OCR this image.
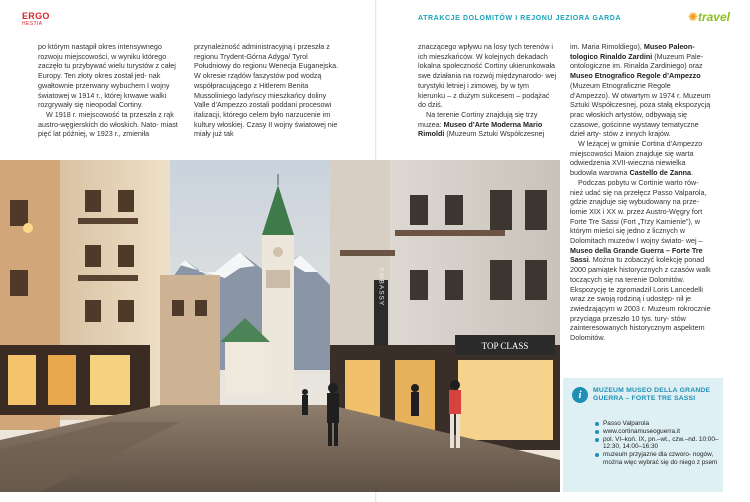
ERGO
HESTIA
ATRAKCJE DOLOMITÓW I REJONU JEZIORA GARDA	✺travel

po którym nastąpił okres intensywnego rozwoju miejscowości, w wyniku którego zaczęło tu przybywać wielu turystów z całej Europy. Ten złoty okres został jed- nak gwałtownie przerwany wybuchem I wojny światowej w 1914 r., której krwawe walki rozgrywały się nieopodal Cortiny.

W 1918 r. miejscowość ta przeszła z rąk austro-węgierskich do włoskich. Nato- miast pięć lat później, w 1923 r., zmieniła

przynależność administracyjną i przeszła z regionu Trydent-Górna Adyga/ Tyrol Południowy do regionu Wenecja Euganejska. W okresie rządów faszystów pod wodzą współpracującego z Hitlerem Benita Mussoliniego ladyńscy mieszkańcy doliny Valle d’Ampezzo zostali poddani procesowi italizacji, którego celem było narzucenie im kultury włoskiej. Czasy II wojny światowej nie miały już tak

znaczącego wpływu na losy tych terenów i ich mieszkańców. W kolejnych dekadach lokalna społeczność Cortiny ukierunkowała swe działania na rozwój międzynarodo- wej turystyki letniej i zimowej, by w tym kierunku – z dużym sukcesem – podążać do dziś.

Na terenie Cortiny znajdują się trzy muzea: Museo d’Arte Moderna Mario Rimoldi (Muzeum Sztuki Współczesnej

im. Maria Rimoldiego), Museo Paleon- tologico Rinaldo Zardini (Muzeum Pale- ontologiczne im. Rinalda Zardiniego) oraz Museo Etnografico Regole d’Ampezzo (Muzeum Etnograficzne Regole d’Ampezzo). W otwartym w 1974 r. Muzeum Sztuki Współczesnej, poza stałą ekspozycją prac włoskich artystów, odbywają się czasowe, gościnne wystawy tematyczne dzieł arty- stów z innych krajów.

W leżącej w gminie Cortina d’Ampezzo miejscowości Maion znajduje się warta odwiedzenia XVII-wieczna niewielka budowla warowna Castello de Zanna.

Podczas pobytu w Cortinie warto rów- nież udać się na przełęcz Passo Valparola, gdzie znajduje się wybudowany na prze- łomie XIX i XX w. przez Austro-Węgry fort Forte Tre Sassi (Fort „Trzy Kamienie”), w którym mieści się jedno z licznych w Dolomitach muzeów I wojny świato- wej – Museo della Grande Guerra – Forte Tre Sassi. Można tu zobaczyć kolekcję ponad 2000 pamiątek historycznych z czasów walk toczących się na terenie Dolomitów. Ekspozycję te zgromadził Loris Lancedelli wraz ze swoją rodziną i udostęp- nił je zwiedzającym w 2003 r. Muzeum rokrocznie przyciąga przeszło 10 tys. tury- stów zainteresowanych historycznym aspektem Dolomitów.

EMBASSY
TOP CLASS
i	MUZEUM MUSEO DELLA GRANDE GUERRA – FORTE TRE SASSI
Passo Valparola
www.cortinamuseoguerra.it
pol. VI–koń. IX, pn.–wt., czw.–nd. 10:00–12:30, 14:00–16:30
muzeum przyjazne dla czworo- nogów, można więc wybrać się do niego z psem
